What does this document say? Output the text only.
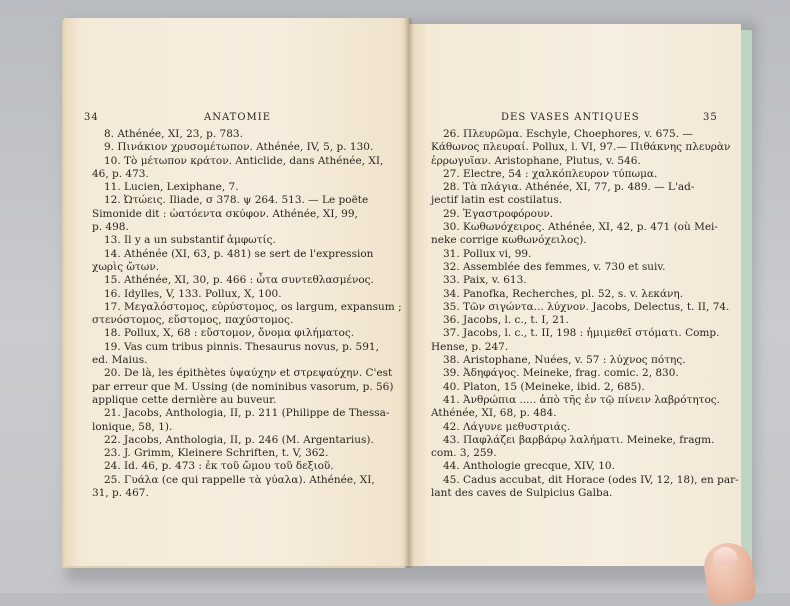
34	ANATOMIE
8. Athénée, XI, 23, p. 783.
9. Πινάκιον χρυσομέτωπον. Athénée, IV, 5, p. 130.
10. Τὸ μέτωπον κράτον. Anticlide, dans Athénée, XI,
46, p. 473.
11. Lucien, Lexiphane, 7.
12. Ὠτώεις. Iliade, σ 378. ψ 264. 513. — Le poëte
Simonide dit : ὠατόεντα σκύφον. Athénée, XI, 99,
p. 498.
13. Il y a un substantif ἀμφωτίς.
14. Athénée (XI, 63, p. 481) se sert de l'expression
χωρὶς ὤτων.
15. Athénée, XI, 30, p. 466 : ὦτα συντεθλασμένος.
16. Idylles, V, 133. Pollux, X, 100.
17. Μεγαλόστομος, εὐρύστομος, os largum, expansum ;
στενόστομος, εὔστομος, παχύστομος.
18. Pollux, X, 68 : εὔστομον, ὄνομα φιλήματος.
19. Vas cum tribus pinnis. Thesaurus novus, p. 591,
ed. Maius.
20. De là, les épithètes ὑψαύχην et στρεψαύχην. C'est
par erreur que M. Ussing (de nominibus vasorum, p. 56)
applique cette dernière au buveur.
21. Jacobs, Anthologia, II, p. 211 (Philippe de Thessa-
lonique, 58, 1).
22. Jacobs, Anthologia, II, p. 246 (M. Argentarius).
23. J. Grimm, Kleinere Schriften, t. V, 362.
24. Id. 46, p. 473 : ἐκ τοῦ ὤμου τοῦ δεξιοῦ.
25. Γυάλα (ce qui rappelle τὰ γύαλα). Athénée, XI,
31, p. 467.
DES VASES ANTIQUES	35
26. Πλευρῶμα. Eschyle, Choephores, v. 675. —
Κάθωνος πλευραί. Pollux, l. VI, 97.— Πιθάκνης πλευρὰν
ἐρρωγυῖαν. Aristophane, Plutus, v. 546.
27. Electre, 54 : χαλκόπλευρον τύπωμα.
28. Τὰ πλάγια. Athénée, XI, 77, p. 489. — L'ad-
jectif latin est costilatus.
29. Ἐγαστροφόρουν.
30. Κωθωνόχειρος. Athénée, XI, 42, p. 471 (où Mei-
neke corrige κωθωνόχειλος).
31. Pollux vi, 99.
32. Assemblée des femmes, v. 730 et suiv.
33. Paix, v. 613.
34. Panofka, Recherches, pl. 52, s. v. λεκάνη.
35. Τῶν σιγώντα... λύχνον. Jacobs, Delectus, t. II, 74.
36. Jacobs, l. c., t. I, 21.
37. Jacobs, l. c., t. II, 198 : ἡμιμεθεῖ στόματι. Comp.
Hense, p. 247.
38. Aristophane, Nuées, v. 57 : λύχνος πότης.
39. Ἀδηφάγος. Meineke, frag. comic. 2, 830.
40. Platon, 15 (Meineke, ibid. 2, 685).
41. Ἀνθρώπια ..... ἀπὸ τῆς ἐν τῷ πίνειν λαβρότητος.
Athénée, XI, 68, p. 484.
42. Λάγυνε μεθυστριάς.
43. Παφλάζει βαρβάρῳ λαλήματι. Meineke, fragm.
com. 3, 259.
44. Anthologie grecque, XIV, 10.
45. Cadus accubat, dit Horace (odes IV, 12, 18), en par-
lant des caves de Sulpicius Galba.
